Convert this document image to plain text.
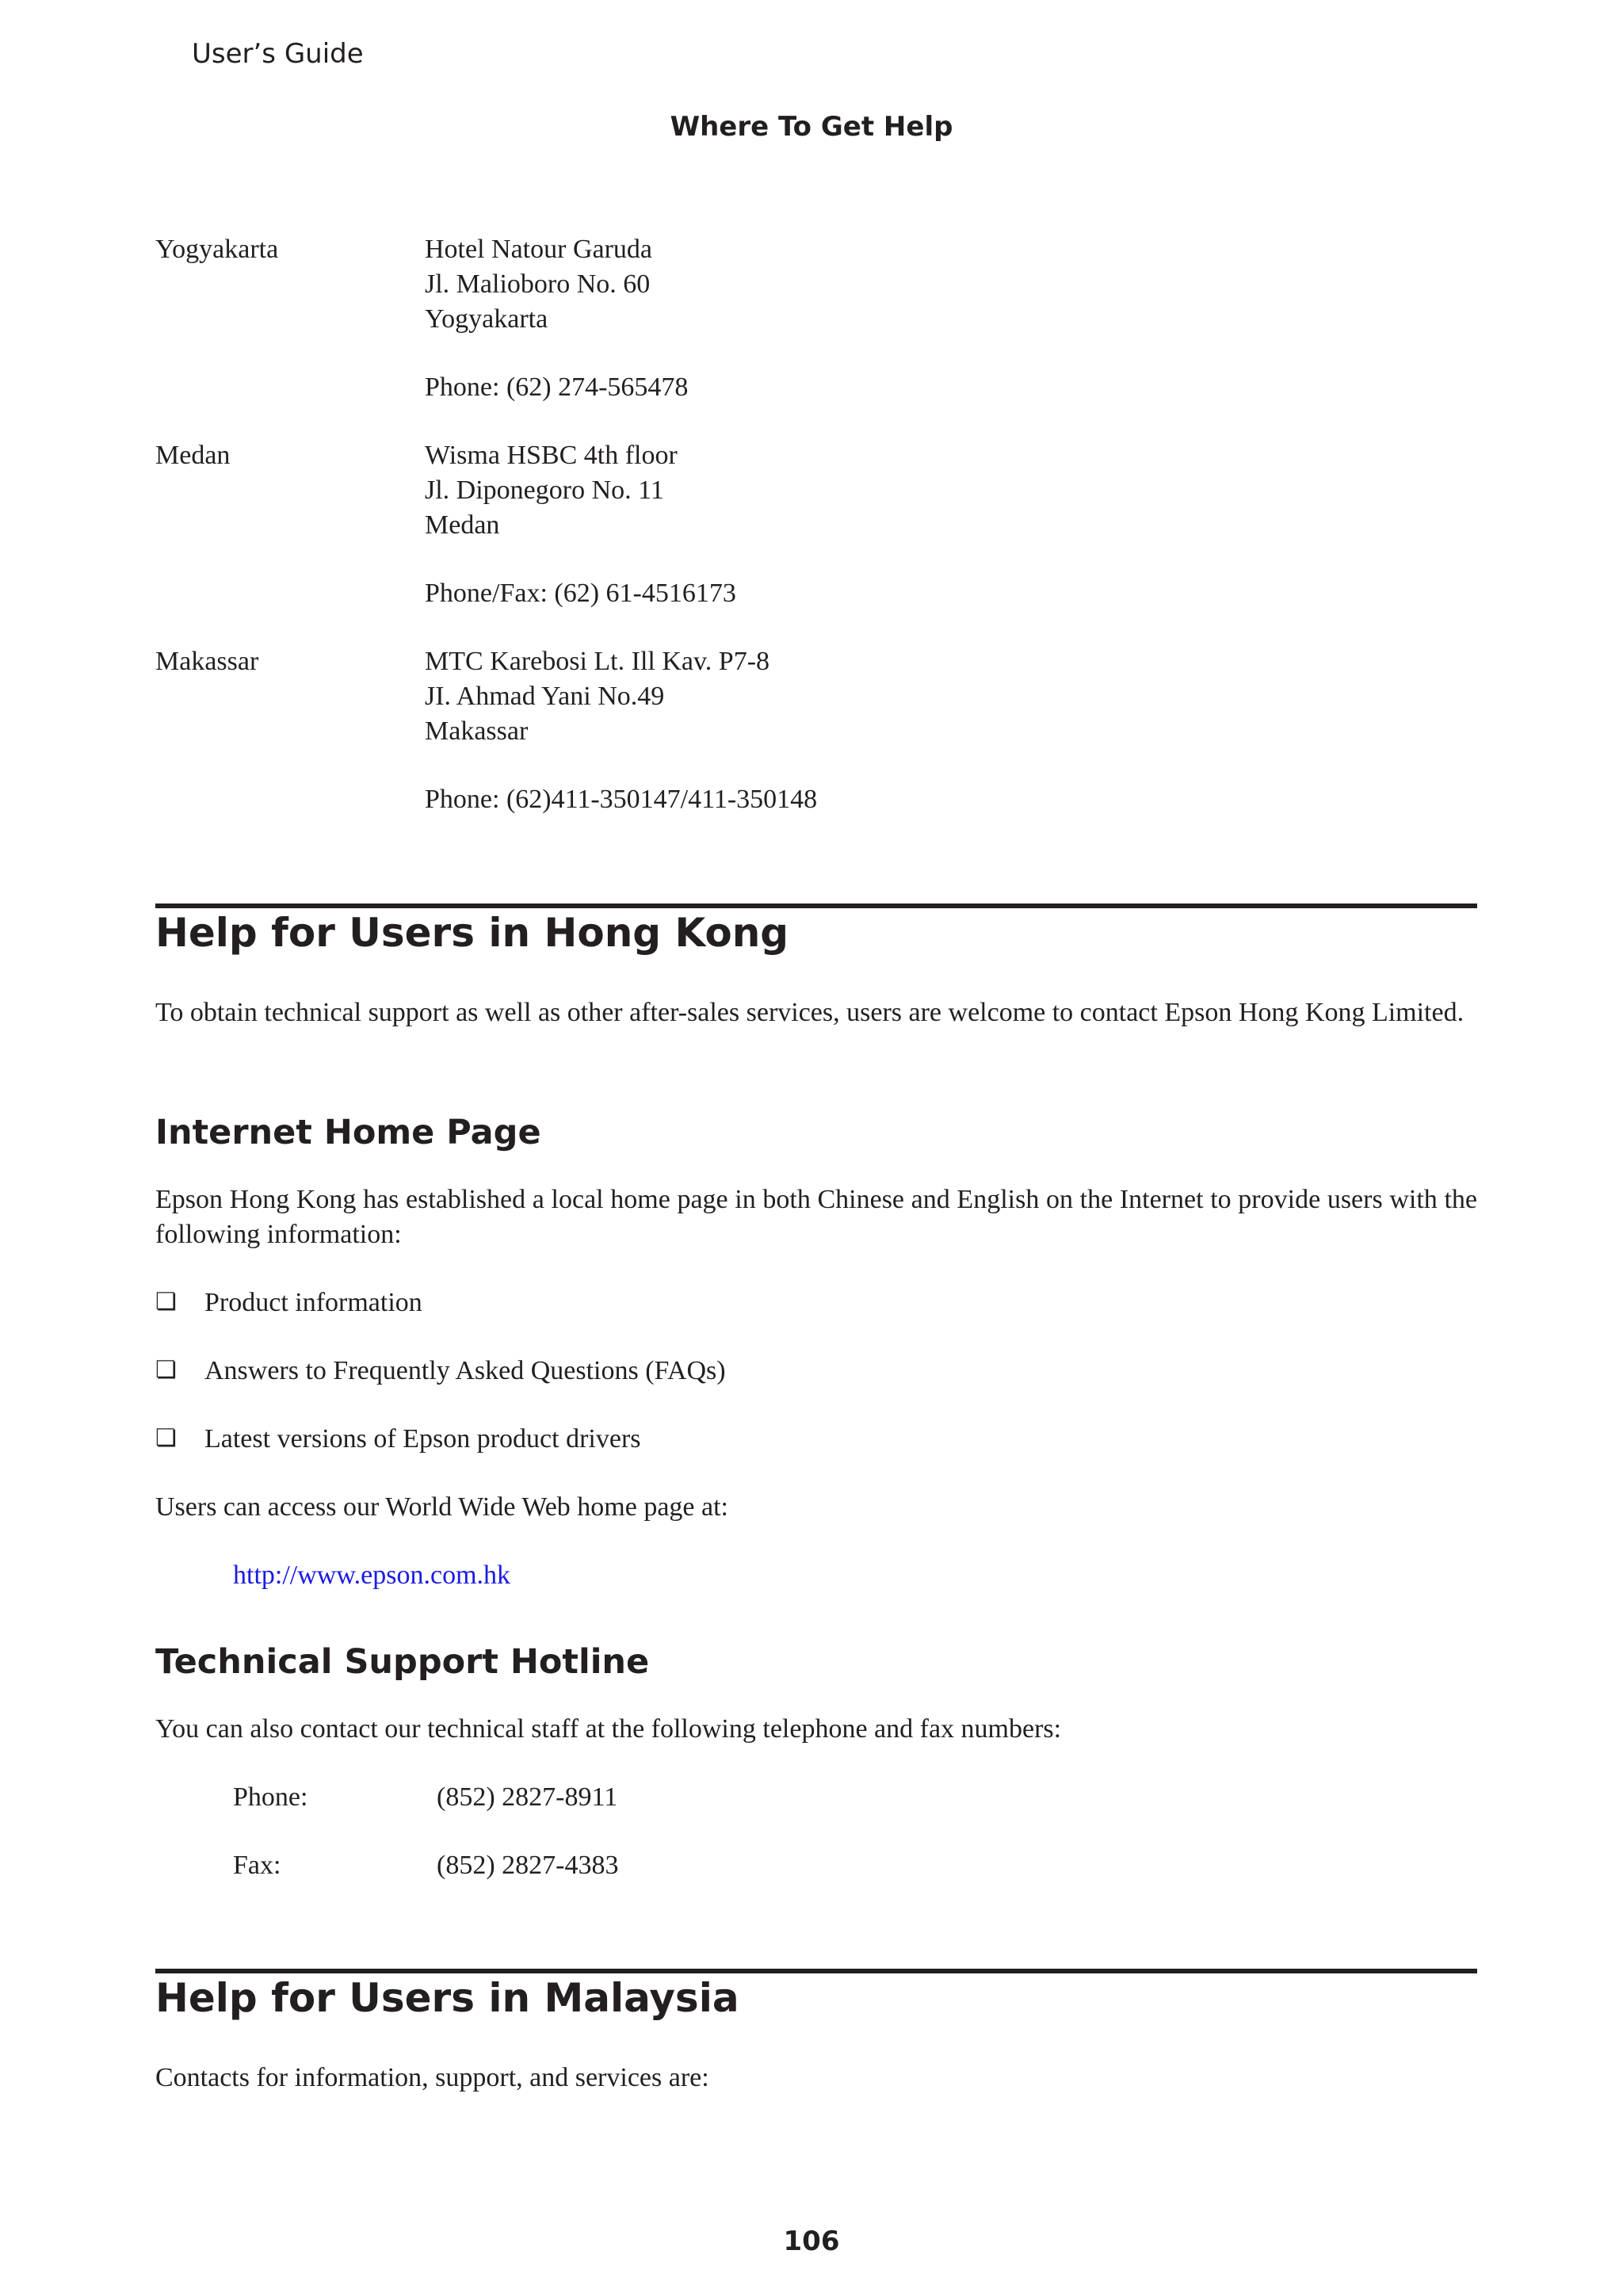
User’s Guide
Where To Get Help
Yogyakarta	Hotel Natour Garuda
Jl. Malioboro No. 60
Yogyakarta
Phone: (62) 274-565478
Medan	Wisma HSBC 4th floor
Jl. Diponegoro No. 11
Medan
Phone/Fax: (62) 61-4516173
Makassar	MTC Karebosi Lt. Ill Kav. P7-8
JI. Ahmad Yani No.49
Makassar
Phone: (62)411-350147/411-350148
Help for Users in Hong Kong
To obtain technical support as well as other after-sales services, users are welcome to contact Epson Hong Kong Limited.
Internet Home Page
Epson Hong Kong has established a local home page in both Chinese and English on the Internet to provide users with the following information:
❏ Product information
❏ Answers to Frequently Asked Questions (FAQs)
❏ Latest versions of Epson product drivers
Users can access our World Wide Web home page at:
http://www.epson.com.hk
Technical Support Hotline
You can also contact our technical staff at the following telephone and fax numbers:
Phone:	(852) 2827-8911
Fax:	(852) 2827-4383
Help for Users in Malaysia
Contacts for information, support, and services are:
106
